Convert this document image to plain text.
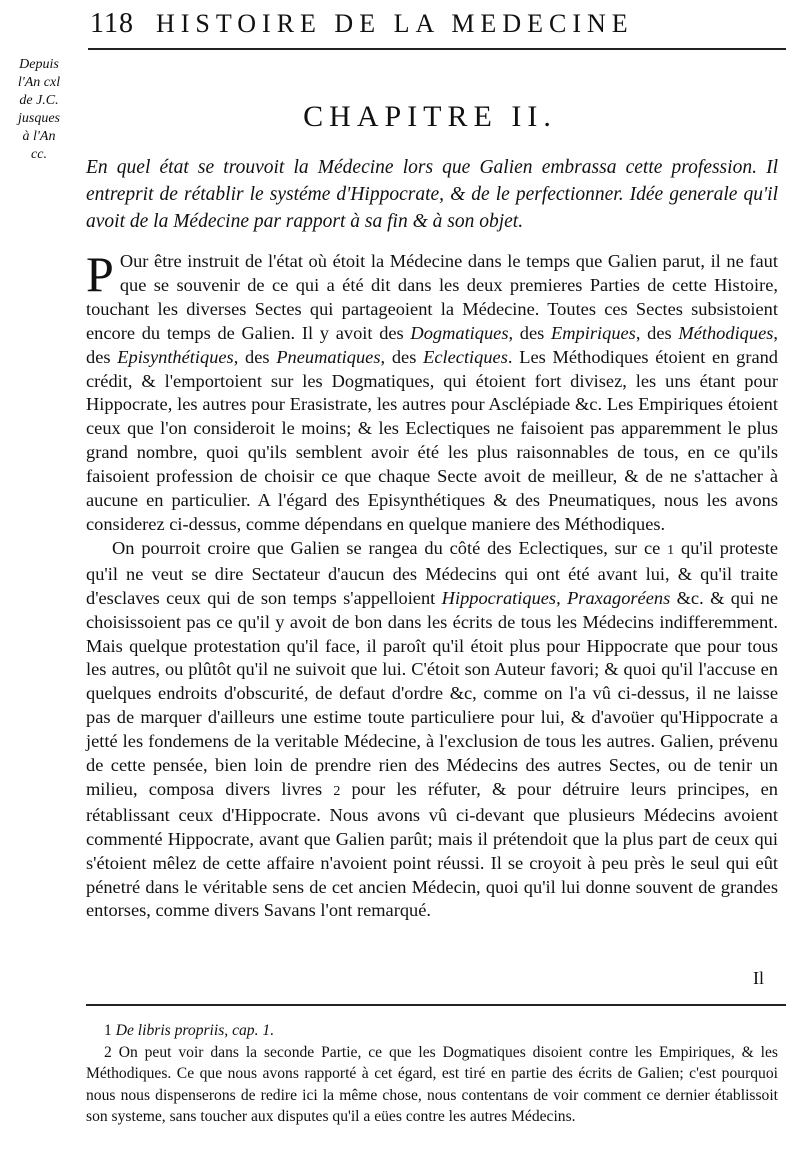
118 HISTOIRE DE LA MEDECINE
Depuis
l'An cxl
de J.C.
jusques
à l'An
cc.
CHAPITRE II.
En quel état se trouvoit la Médecine lors que Galien embrassa cette profession. Il entreprit de rétablir le systéme d'Hippocrate, & de le perfectionner. Idée generale qu'il avoit de la Médecine par rapport à sa fin & à son objet.

P Our être instruit de l'état où étoit la Médecine dans le temps que Galien parut, il ne faut que se souvenir de ce qui a été dit dans les deux premieres Parties de cette Histoire, touchant les diverses Sectes qui partageoient la Médecine. Toutes ces Sectes subsistoient encore du temps de Galien. Il y avoit des Dogmatiques, des Empiriques, des Méthodiques, des Episynthétiques, des Pneumatiques, des Eclectiques. Les Méthodiques étoient en grand crédit, & l'emportoient sur les Dogmatiques, qui étoient fort divisez, les uns étant pour Hippocrate, les autres pour Erasistrate, les autres pour Asclépiade &c. Les Empiriques étoient ceux que l'on consideroit le moins; & les Eclectiques ne faisoient pas apparemment le plus grand nombre, quoi qu'ils semblent avoir été les plus raisonnables de tous, en ce qu'ils faisoient profession de choisir ce que chaque Secte avoit de meilleur, & de ne s'attacher à aucune en particulier. A l'égard des Episynthétiques & des Pneumatiques, nous les avons considerez ci-dessus, comme dépendans en quelque maniere des Méthodiques.

On pourroit croire que Galien se rangea du côté des Eclectiques, sur ce 1 qu'il proteste qu'il ne veut se dire Sectateur d'aucun des Médecins qui ont été avant lui, & qu'il traite d'esclaves ceux qui de son temps s'appelloient Hippocratiques, Praxagoréens &c. & qui ne choisissoient pas ce qu'il y avoit de bon dans les écrits de tous les Médecins indifferemment. Mais quelque protestation qu'il face, il paroît qu'il étoit plus pour Hippocrate que pour tous les autres, ou plûtôt qu'il ne suivoit que lui. C'étoit son Auteur favori; & quoi qu'il l'accuse en quelques endroits d'obscurité, de defaut d'ordre &c, comme on l'a vû ci-dessus, il ne laisse pas de marquer d'ailleurs une estime toute particuliere pour lui, & d'avoüer qu'Hippocrate a jetté les fondemens de la veritable Médecine, à l'exclusion de tous les autres. Galien, prévenu de cette pensée, bien loin de prendre rien des Médecins des autres Sectes, ou de tenir un milieu, composa divers livres 2 pour les réfuter, & pour détruire leurs principes, en rétablissant ceux d'Hippocrate. Nous avons vû ci-devant que plusieurs Médecins avoient commenté Hippocrate, avant que Galien parût; mais il prétendoit que la plus part de ceux qui s'étoient mêlez de cette affaire n'avoient point réussi. Il se croyoit à peu près le seul qui eût pénetré dans le véritable sens de cet ancien Médecin, quoi qu'il lui donne souvent de grandes entorses, comme divers Savans l'ont remarqué.

Il

1 De libris propriis, cap. 1.

2 On peut voir dans la seconde Partie, ce que les Dogmatiques disoient contre les Empiriques, & les Méthodiques. Ce que nous avons rapporté à cet égard, est tiré en partie des écrits de Galien; c'est pourquoi nous nous dispenserons de redire ici la même chose, nous contentans de voir comment ce dernier établissoit son systeme, sans toucher aux disputes qu'il a eües contre les autres Médecins.
